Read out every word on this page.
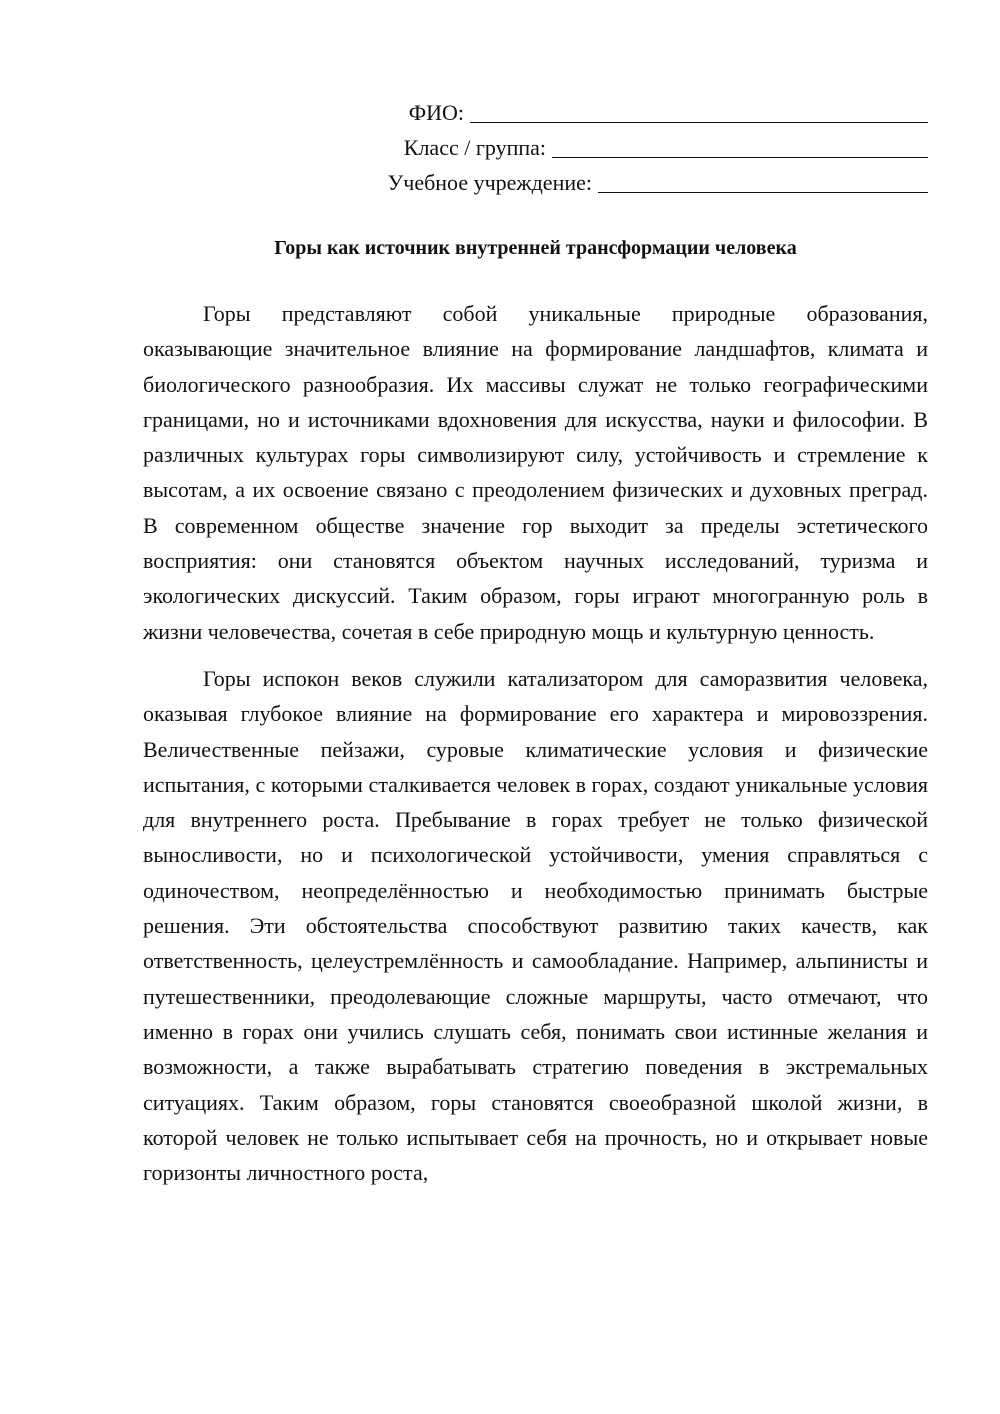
ФИО:
Класс / группа:
Учебное учреждение:
Горы как источник внутренней трансформации человека

Горы представляют собой уникальные природные образования, оказывающие значительное влияние на формирование ландшафтов, климата и биологического разнообразия. Их массивы служат не только географическими границами, но и источниками вдохновения для искусства, науки и философии. В различных культурах горы символизируют силу, устойчивость и стремление к высотам, а их освоение связано с преодолением физических и духовных преград. В современном обществе значение гор выходит за пределы эстетического восприятия: они становятся объектом научных исследований, туризма и экологических дискуссий. Таким образом, горы играют многогранную роль в жизни человечества, сочетая в себе природную мощь и культурную ценность.

Горы испокон веков служили катализатором для саморазвития человека, оказывая глубокое влияние на формирование его характера и мировоззрения. Величественные пейзажи, суровые климатические условия и физические испытания, с которыми сталкивается человек в горах, создают уникальные условия для внутреннего роста. Пребывание в горах требует не только физической выносливости, но и психологической устойчивости, умения справляться с одиночеством, неопределённостью и необходимостью принимать быстрые решения. Эти обстоятельства способствуют развитию таких качеств, как ответственность, целеустремлённость и самообладание. Например, альпинисты и путешественники, преодолевающие сложные маршруты, часто отмечают, что именно в горах они учились слушать себя, понимать свои истинные желания и возможности, а также вырабатывать стратегию поведения в экстремальных ситуациях. Таким образом, горы становятся своеобразной школой жизни, в которой человек не только испытывает себя на прочность, но и открывает новые горизонты личностного роста,
